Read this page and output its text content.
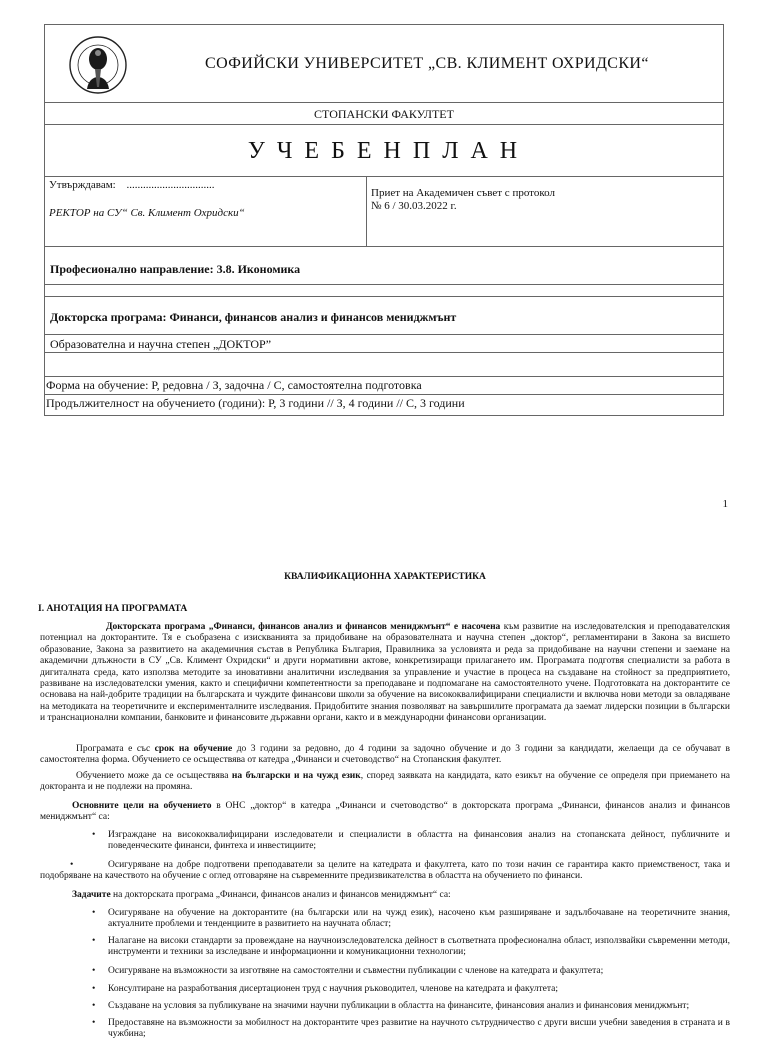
СОФИЙСКИ УНИВЕРСИТЕТ „СВ. КЛИМЕНТ ОХРИДСКИ“
СТОПАНСКИ ФАКУЛТЕТ
У Ч Е Б Е Н П Л А Н
Утвърждавам: ................................
РЕКТОР на СУ“ Св. Климент Охридски“
Приет на Академичен съвет с протокол
№ 6 / 30.03.2022 г.
Професионално направление: 3.8. Икономика
Докторска програма: Финанси, финансов анализ и финансов мениджмънт
Образователна и научна степен „ДОКТОР”
Форма на обучение: Р, редовна / З, задочна / С, самостоятелна подготовка
Продължителност на обучението (години): Р, 3 години // З, 4 години // С, 3 години
1
КВАЛИФИКАЦИОННА ХАРАКТЕРИСТИКА
I. АНОТАЦИЯ НА ПРОГРАМАТА
Докторската програма „Финанси, финансов анализ и финансов мениджмънт“ е насочена към развитие на изследователския и преподавателския потенциал на докторантите. Тя е съобразена с изискванията за придобиване на образователната и научна степен „доктор“, регламентирани в Закона за висшето образование, Закона за развитието на академичния състав в Република България, Правилника за условията и реда за придобиване на научни степени и заемане на академични длъжности в СУ „Св. Климент Охридски“ и други нормативни актове, конкретизиращи прилагането им. Програмата подготвя специалисти за работа в дигиталната среда, като използва методите за иновативни аналитични изследвания за управление и участие в процеса на създаване на стойност за предприятието, развиване на изследователски умения, както и специфични компетентности за преподаване и подпомагане на самостоятелното учене. Подготовката на докторантите се основава на най-добрите традиции на българската и чуждите финансови школи за обучение на висококвалифицирани специалисти и включва нови методи за овладяване на методиката на теоретичните и експерименталните изследвания. Придобитите знания позволяват на завършилите програмата да заемат лидерски позиции в български и транснационални компании, банковите и финансовите държавни органи, както и в международни финансови организации.
Програмата е със срок на обучение до 3 години за редовно, до 4 години за задочно обучение и до 3 години за кандидати, желаещи да се обучават в самостоятелна форма. Обучението се осъществява от катедра „Финанси и счетоводство“ на Стопанския факултет.
Обучението може да се осъществява на български и на чужд език, според заявката на кандидата, като езикът на обучение се определя при приемането на докторанта и не подлежи на промяна.
Основните цели на обучението в ОНС „доктор“ в катедра „Финанси и счетоводство“ в докторската програма „Финанси, финансов анализ и финансов мениджмънт“ са:
• Изграждане на висококвалифицирани изследователи и специалисти в областта на финансовия анализ на стопанската дейност, публичните и поведенческите финанси, финтеха и инвестициите;
•	Осигуряване на добре подготвени преподаватели за целите на катедрата и факултета, като по този начин се гарантира както приемственост, така и подобряване на качеството на обучение с оглед отговаряне на съвременните предизвикателства в областта на обучението по финанси.
Задачите на докторската програма „Финанси, финансов анализ и финансов мениджмънт“ са:
• Осигуряване на обучение на докторантите (на български или на чужд език), насочено към разширяване и задълбочаване на теоретичните знания, актуалните проблеми и тенденциите в развитието на научната област;
• Налагане на високи стандарти за провеждане на научноизследователска дейност в съответната професионална област, използвайки съвременни методи, инструменти и техники за изследване и информационни и комуникационни технологии;
• Осигуряване на възможности за изготвяне на самостоятелни и съвместни публикации с членове на катедрата и факултета;
• Консултиране на разработвания дисертационен труд с научния ръководител, членове на катедрата и факултета;
• Създаване на условия за публикуване на значими научни публикации в областта на финансите, финансовия анализ и финансовия мениджмънт;
• Предоставяне на възможности за мобилност на докторантите чрез развитие на научното сътрудничество с други висши учебни заведения в страната и в чужбина;
